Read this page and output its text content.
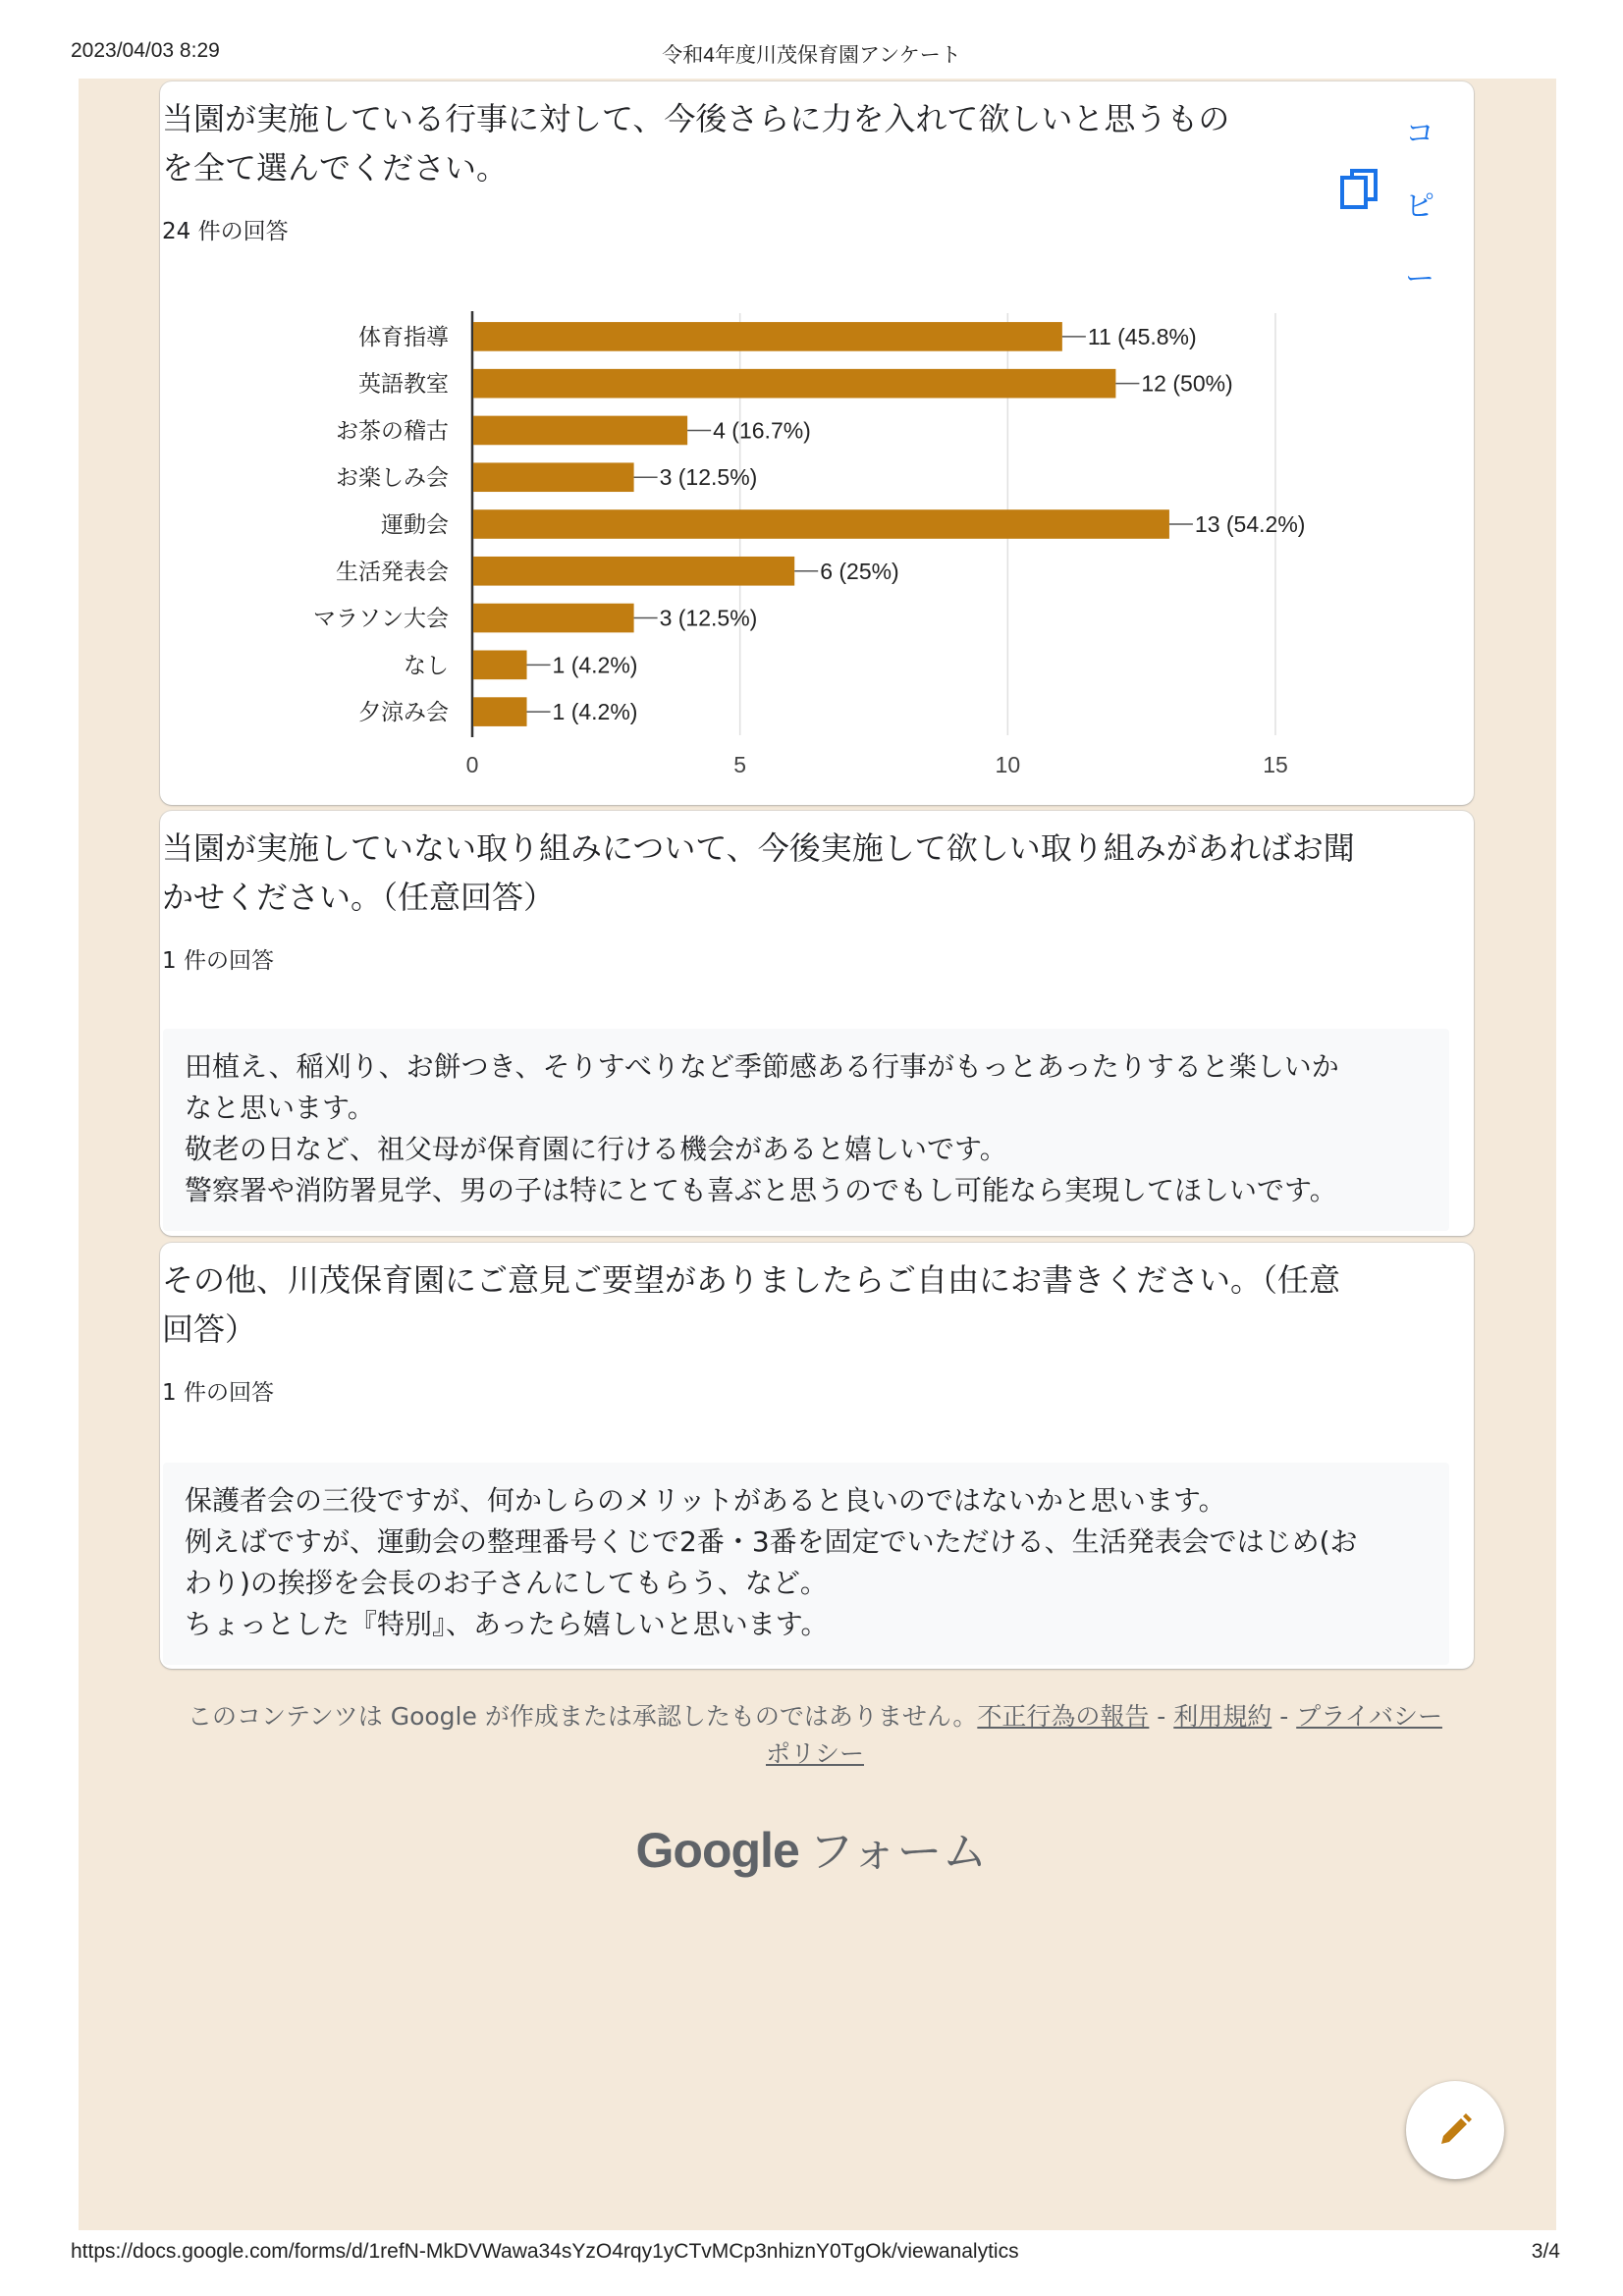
2023/04/03 8:29	令和4年度川茂保育園アンケート
当園が実施している行事に対して、今後さらに力を入れて欲しいと思うもの
を全て選んでください。
24 件の回答
コ
ピ
ー
0	5	10	15
体育指導	11 (45.8%)
英語教室	12 (50%)
お茶の稽古	4 (16.7%)
お楽しみ会	3 (12.5%)
運動会	13 (54.2%)
生活発表会	6 (25%)
マラソン大会	3 (12.5%)
なし	1 (4.2%)
夕涼み会	1 (4.2%)
当園が実施していない取り組みについて、今後実施して欲しい取り組みがあればお聞
かせください。（任意回答）
1 件の回答
田植え、稲刈り、お餅つき、そりすべりなど季節感ある行事がもっとあったりすると楽しいか
なと思います。
敬老の日など、祖父母が保育園に行ける機会があると嬉しいです。
警察署や消防署見学、男の子は特にとても喜ぶと思うのでもし可能なら実現してほしいです。
その他、川茂保育園にご意見ご要望がありましたらご自由にお書きください。（任意
回答）
1 件の回答
保護者会の三役ですが、何かしらのメリットがあると良いのではないかと思います。
例えばですが、運動会の整理番号くじで2番・3番を固定でいただける、生活発表会ではじめ(お
わり)の挨拶を会長のお子さんにしてもらう、など。
ちょっとした『特別』、あったら嬉しいと思います。
このコンテンツは Google が作成または承認したものではありません。不正行為の報告 - 利用規約 - プライバシーポリシー
Google フォーム
https://docs.google.com/forms/d/1refN-MkDVWawa34sYzO4rqy1yCTvMCp3nhiznY0TgOk/viewanalytics	3/4
